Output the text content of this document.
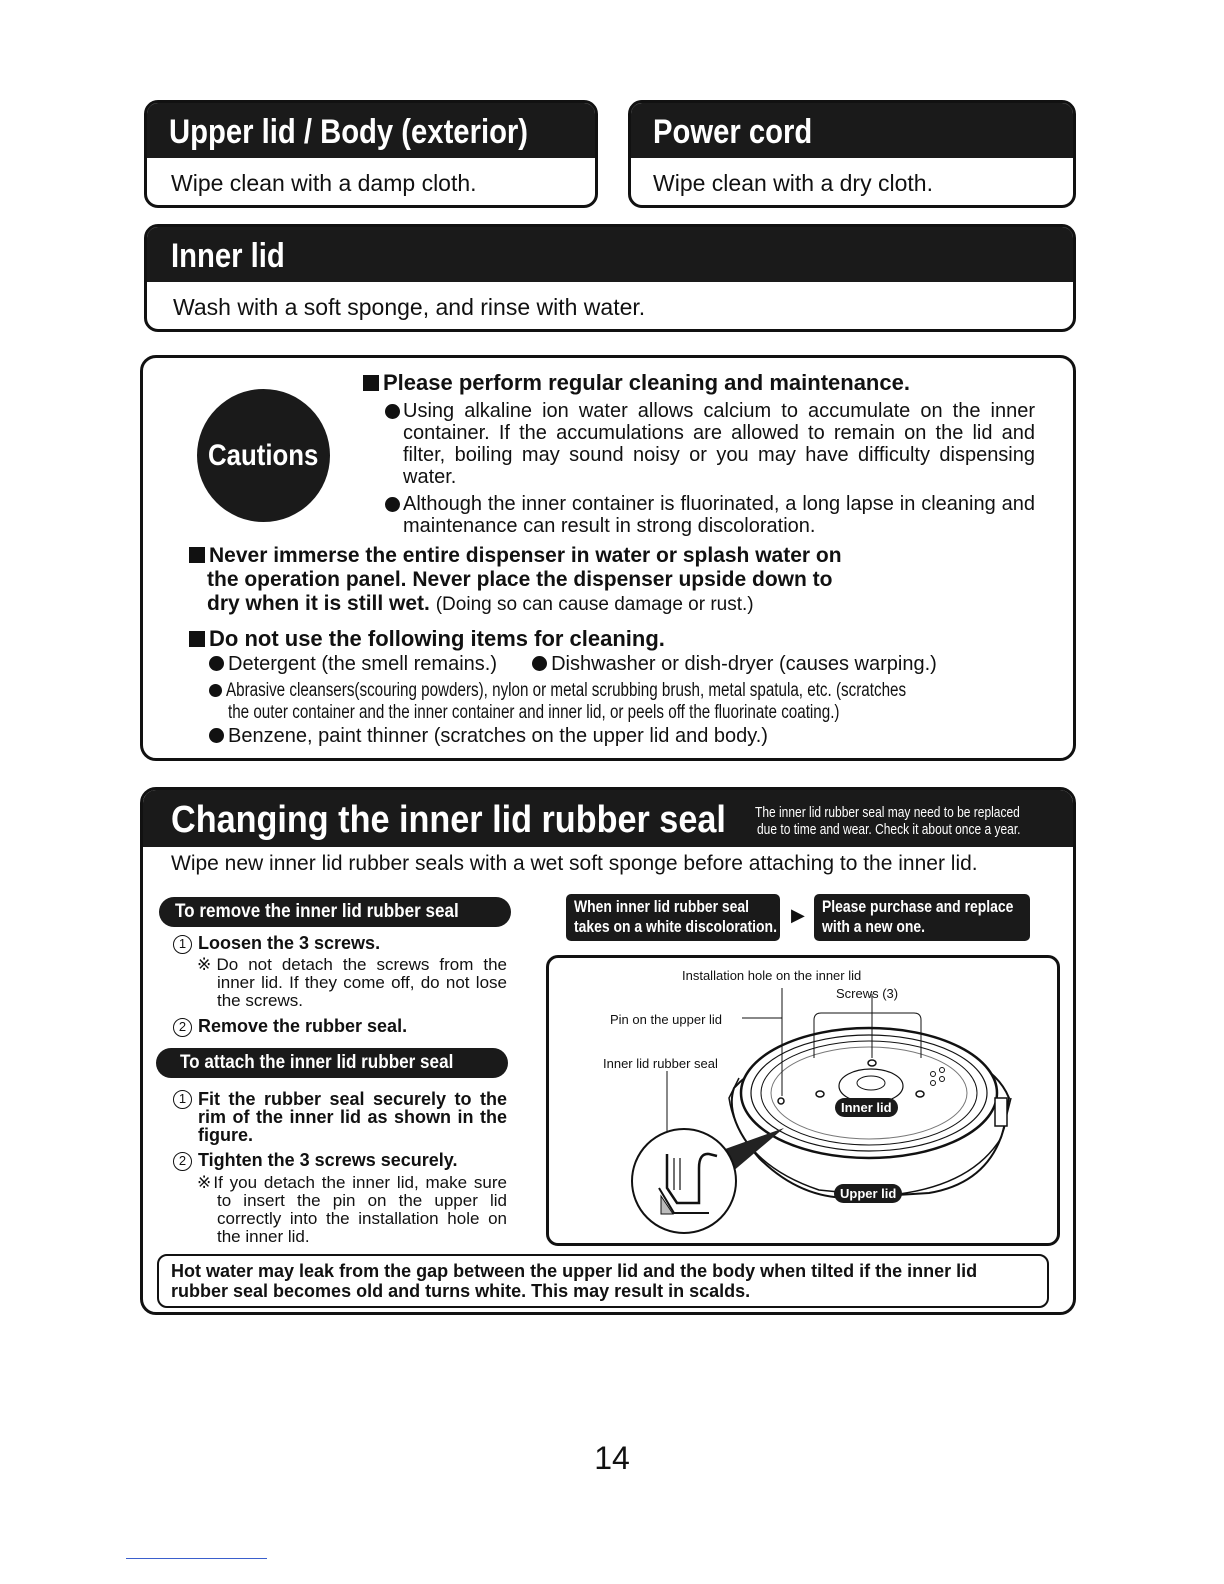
Upper lid / Body (exterior)
Wipe clean with a damp cloth.
Power cord
Wipe clean with a dry cloth.
Inner lid
Wash with a soft sponge, and rinse with water.
Cautions
Please perform regular cleaning and maintenance.
Using alkaline ion water allows calcium to accumulate on the inner container. If the accumulations are allowed to remain on the lid and filter, boiling may sound noisy or you may have difficulty dispensing water.
Although the inner container is fluorinated, a long lapse in cleaning and maintenance can result in strong discoloration.
Never immerse the entire dispenser in water or splash water on
the operation panel. Never place the dispenser upside down to
dry when it is still wet. (Doing so can cause damage or rust.)
Do not use the following items for cleaning.
Detergent (the smell remains.)	Dishwasher or dish-dryer (causes warping.)
Abrasive cleansers(scouring powders), nylon or metal scrubbing brush, metal spatula, etc. (scratches
the outer container and the inner container and inner lid, or peels off the fluorinate coating.)
Benzene, paint thinner (scratches on the upper lid and body.)
Changing the inner lid rubber seal	The inner lid rubber seal may need to be replaced
due to time and wear. Check it about once a year.
Wipe new inner lid rubber seals with a wet soft sponge before attaching to the inner lid.
To remove the inner lid rubber seal
1 Loosen the 3 screws.
※Do not detach the screws from the inner lid. If they come off, do not lose the screws.
2 Remove the rubber seal.
To attach the inner lid rubber seal
1 Fit the rubber seal securely to the rim of the inner lid as shown in the figure.
2 Tighten the 3 screws securely.
※If you detach the inner lid, make sure to insert the pin on the upper lid correctly into the installation hole on the inner lid.
When inner lid rubber seal
takes on a white discoloration.
▶ Please purchase and replace
with a new one.
Installation hole on the inner lid
Screws (3)
Pin on the upper lid
Inner lid rubber seal
Inner lid
Upper lid
Hot water may leak from the gap between the upper lid and the body when tilted if the inner lid rubber seal becomes old and turns white. This may result in scalds.
14
